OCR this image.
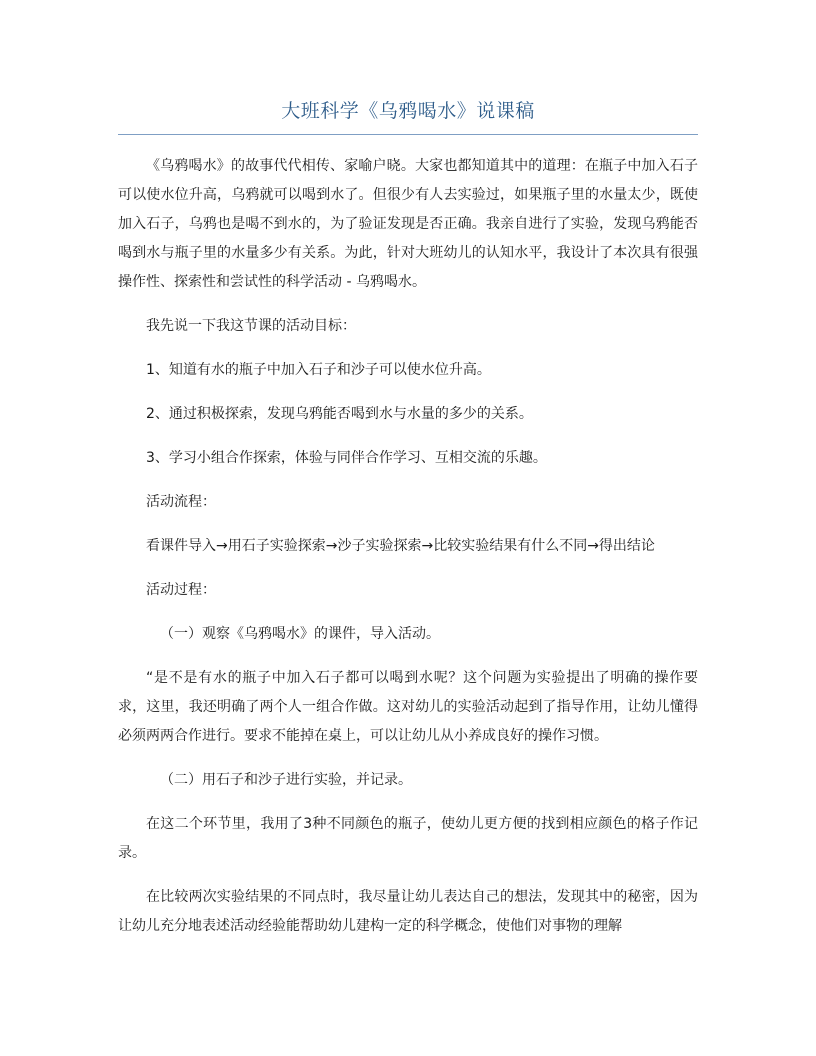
大班科学《乌鸦喝水》说课稿

《乌鸦喝水》的故事代代相传、家喻户晓。大家也都知道其中的道理：在瓶子中加入石子可以使水位升高，乌鸦就可以喝到水了。但很少有人去实验过，如果瓶子里的水量太少，既使加入石子，乌鸦也是喝不到水的，为了验证发现是否正确。我亲自进行了实验，发现乌鸦能否喝到水与瓶子里的水量多少有关系。为此，针对大班幼儿的认知水平，我设计了本次具有很强操作性、探索性和尝试性的科学活动 - 乌鸦喝水。

我先说一下我这节课的活动目标：

1、知道有水的瓶子中加入石子和沙子可以使水位升高。

2、通过积极探索，发现乌鸦能否喝到水与水量的多少的关系。

3、学习小组合作探索，体验与同伴合作学习、互相交流的乐趣。

活动流程：

看课件导入→用石子实验探索→沙子实验探索→比较实验结果有什么不同→得出结论

活动过程：

（一）观察《乌鸦喝水》的课件，导入活动。

“是不是有水的瓶子中加入石子都可以喝到水呢？这个问题为实验提出了明确的操作要求，这里，我还明确了两个人一组合作做。这对幼儿的实验活动起到了指导作用，让幼儿懂得必须两两合作进行。要求不能掉在桌上，可以让幼儿从小养成良好的操作习惯。

（二）用石子和沙子进行实验，并记录。

在这二个环节里，我用了3种不同颜色的瓶子，使幼儿更方便的找到相应颜色的格子作记录。

在比较两次实验结果的不同点时，我尽量让幼儿表达自己的想法，发现其中的秘密，因为让幼儿充分地表述活动经验能帮助幼儿建构一定的科学概念，使他们对事物的理解
